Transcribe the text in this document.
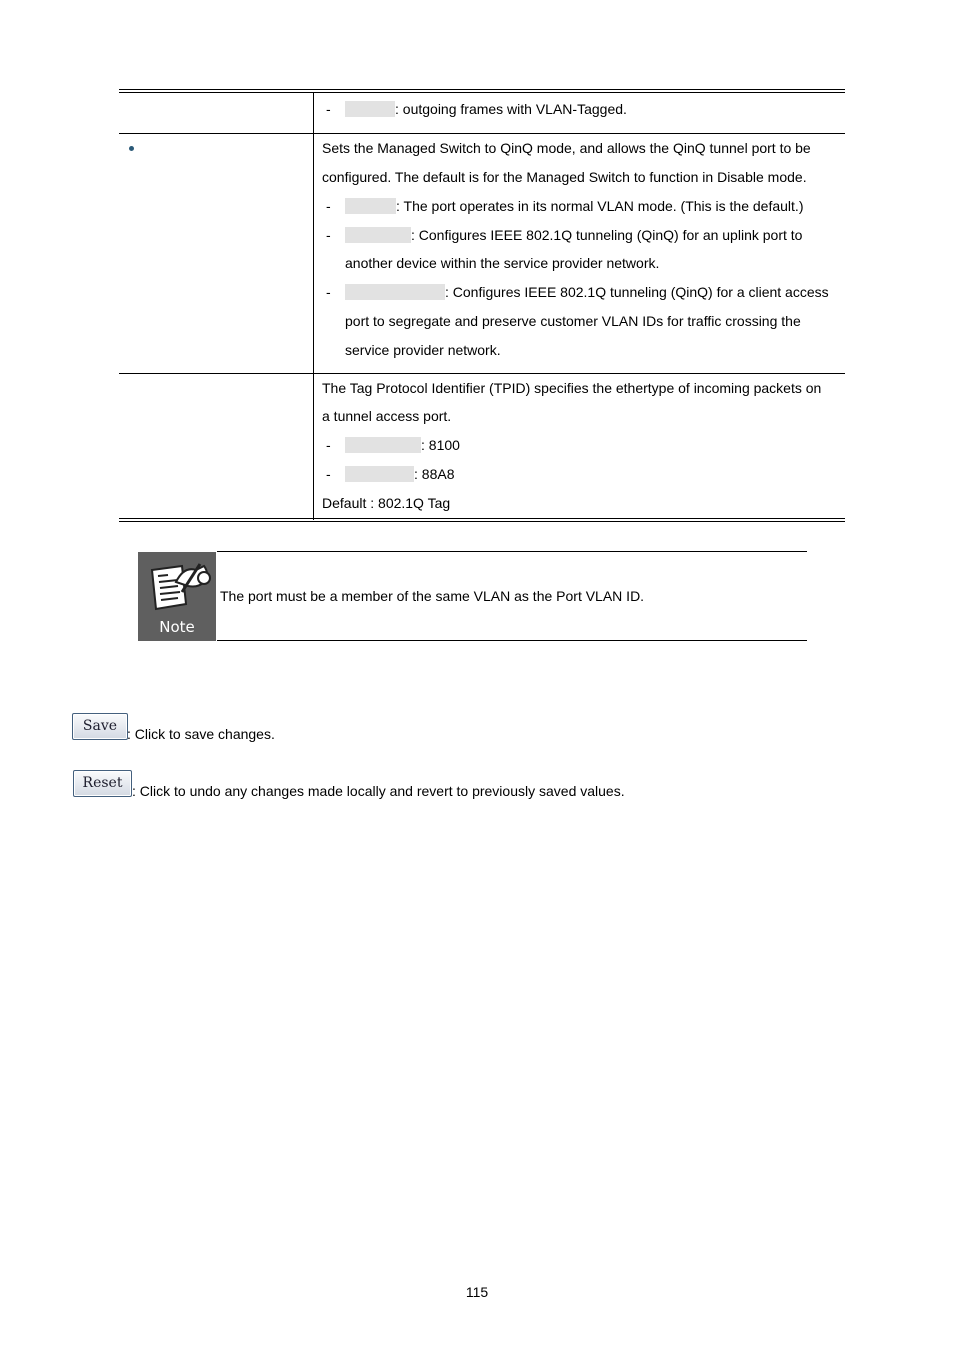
-	: outgoing frames with VLAN-Tagged.
Sets the Managed Switch to QinQ mode, and allows the QinQ tunnel port to be
configured. The default is for the Managed Switch to function in Disable mode.
-	: The port operates in its normal VLAN mode. (This is the default.)
-	: Configures IEEE 802.1Q tunneling (QinQ) for an uplink port to
another device within the service provider network.
-	: Configures IEEE 802.1Q tunneling (QinQ) for a client access
port to segregate and preserve customer VLAN IDs for traffic crossing the
service provider network.
The Tag Protocol Identifier (TPID) specifies the ethertype of incoming packets on
a tunnel access port.
-	: 8100
-	: 88A8
Default : 802.1Q Tag
Note
The port must be a member of the same VLAN as the Port VLAN ID.
Save : Click to save changes.
Reset : Click to undo any changes made locally and revert to previously saved values.
115
